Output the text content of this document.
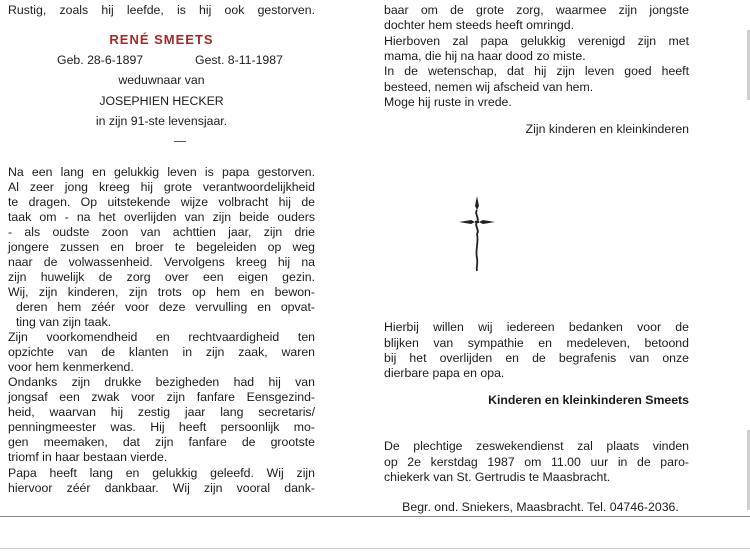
Rustig, zoals hij leefde, is hij ook gestorven.
RENÉ SMEETS
Geb. 28-6-1897	Gest. 8-11-1987
weduwnaar van
JOSEPHIEN HECKER
in zijn 91-ste levensjaar.
Na een lang en gelukkig leven is papa gestorven.
Al zeer jong kreeg hij grote verantwoordelijkheid
te dragen. Op uitstekende wijze volbracht hij de
taak om - na het overlijden van zijn beide ouders
- als oudste zoon van achttien jaar, zijn drie
jongere zussen en broer te begeleiden op weg
naar de volwassenheid. Vervolgens kreeg hij na
zijn huwelijk de zorg over een eigen gezin.
Wij, zijn kinderen, zijn trots op hem en bewon-
deren hem zéér voor deze vervulling en opvat-
ting van zijn taak.
Zijn voorkomendheid en rechtvaardigheid ten
opzichte van de klanten in zijn zaak, waren
voor hem kenmerkend.
Ondanks zijn drukke bezigheden had hij van
jongsaf een zwak voor zijn fanfare Eensgezind-
heid, waarvan hij zestig jaar lang secretaris/
penningmeester was. Hij heeft persoonlijk mo-
gen meemaken, dat zijn fanfare de grootste
triomf in haar bestaan vierde.
Papa heeft lang en gelukkig geleefd. Wij zijn
hiervoor zéér dankbaar. Wij zijn vooral dank-
baar om de grote zorg, waarmee zijn jongste
dochter hem steeds heeft omringd.
Hierboven zal papa gelukkig verenigd zijn met
mama, die hij na haar dood zo miste.
In de wetenschap, dat hij zijn leven goed heeft
besteed, nemen wij afscheid van hem.
Moge hij ruste in vrede.
Zijn kinderen en kleinkinderen
Hierbij willen wij iedereen bedanken voor de
blijken van sympathie en medeleven, betoond
bij het overlijden en de begrafenis van onze
dierbare papa en opa.
Kinderen en kleinkinderen Smeets
De plechtige zeswekendienst zal plaats vinden
op 2e kerstdag 1987 om 11.00 uur in de paro-
chiekerk van St. Gertrudis te Maasbracht.
Begr. ond. Sniekers, Maasbracht. Tel. 04746-2036.
